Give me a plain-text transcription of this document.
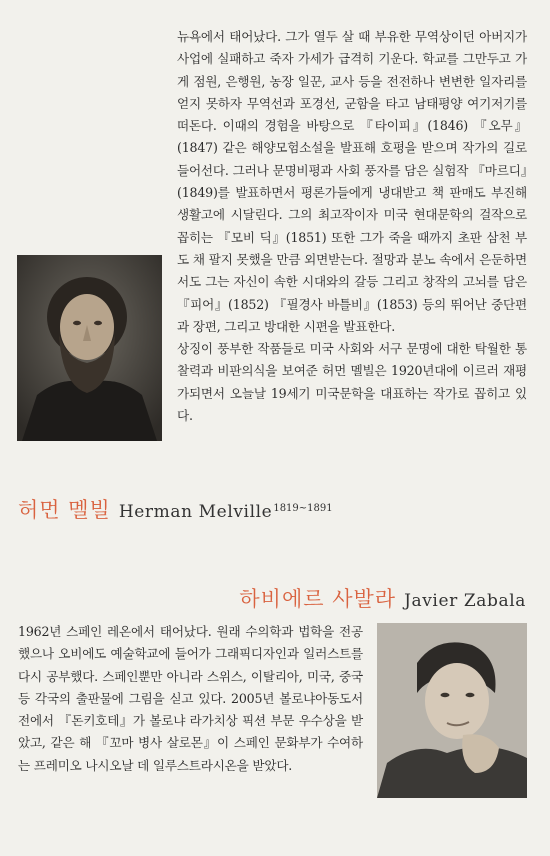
뉴욕에서 태어났다. 그가 열두 살 때 부유한 무역상이던 아버지가 사업에 실패하고 죽자 가세가 급격히 기운다. 학교를 그만두고 가게 점원, 은행원, 농장 일꾼, 교사 등을 전전하나 변변한 일자리를 얻지 못하자 무역선과 포경선, 군함을 타고 남태평양 여기저기를 떠돈다. 이때의 경험을 바탕으로 『타이피』(1846) 『오무』(1847) 같은 해양모험소설을 발표해 호평을 받으며 작가의 길로 들어선다. 그러나 문명비평과 사회 풍자를 담은 실험작 『마르디』(1849)를 발표하면서 평론가들에게 냉대받고 책 판매도 부진해 생활고에 시달린다. 그의 최고작이자 미국 현대문학의 걸작으로 꼽히는 『모비 딕』(1851) 또한 그가 죽을 때까지 초판 삼천 부도 채 팔지 못했을 만큼 외면받는다. 절망과 분노 속에서 은둔하면서도 그는 자신이 속한 시대와의 갈등 그리고 창작의 고뇌를 담은 『피어』(1852) 『필경사 바틀비』(1853) 등의 뛰어난 중단편과 장편, 그리고 방대한 시편을 발표한다.

상징이 풍부한 작품들로 미국 사회와 서구 문명에 대한 탁월한 통찰력과 비판의식을 보여준 허먼 멜빌은 1920년대에 이르러 재평가되면서 오늘날 19세기 미국문학을 대표하는 작가로 꼽히고 있다.

허먼 멜빌 Herman Melville$^{1819\sim 1891}$
하비에르 사발라 Javier Zabala

1962년 스페인 레온에서 태어났다. 원래 수의학과 법학을 전공했으나 오비에도 예술학교에 들어가 그래픽디자인과 일러스트를 다시 공부했다. 스페인뿐만 아니라 스위스, 이탈리아, 미국, 중국 등 각국의 출판물에 그림을 싣고 있다. 2005년 볼로냐아동도서전에서 『돈키호테』가 볼로냐 라가치상 픽션 부문 우수상을 받았고, 같은 해 『꼬마 병사 살로몬』이 스페인 문화부가 수여하는 프레미오 나시오날 데 일루스트라시온을 받았다.
